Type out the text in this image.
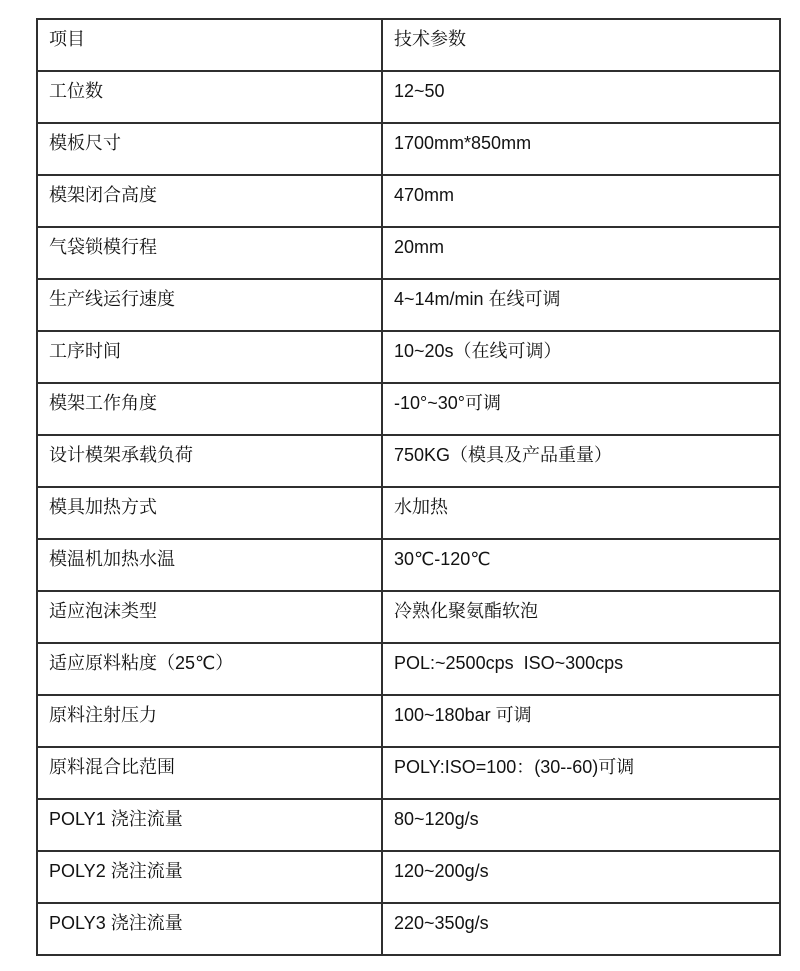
项目	技术参数
工位数	12~50
模板尺寸	1700mm*850mm
模架闭合高度	470mm
气袋锁模行程	20mm
生产线运行速度	4~14m/min 在线可调
工序时间	10~20s（在线可调）
模架工作角度	-10°~30°可调
设计模架承载负荷	750KG（模具及产品重量）
模具加热方式	水加热
模温机加热水温	30℃-120℃
适应泡沫类型	冷熟化聚氨酯软泡
适应原料粘度（25℃）	POL:~2500cps  ISO~300cps
原料注射压力	100~180bar 可调
原料混合比范围	POLY:ISO=100：(30--60)可调
POLY1 浇注流量	80~120g/s
POLY2 浇注流量	120~200g/s
POLY3 浇注流量	220~350g/s
